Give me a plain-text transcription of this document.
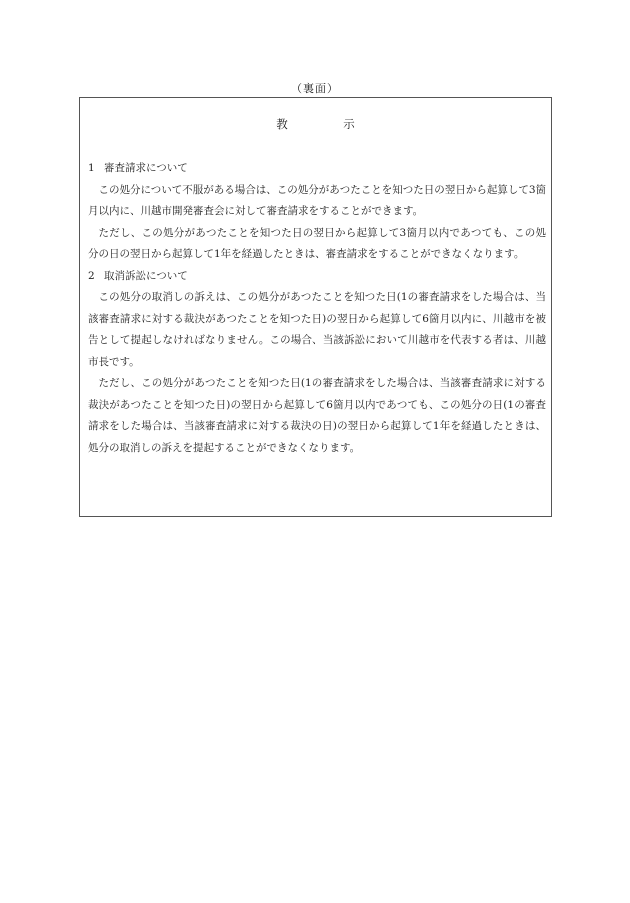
（裏面）
教　示

1 審査請求について

この処分について不服がある場合は、この処分があつたことを知つた日の翌日から起算して3箇月以内に、川越市開発審査会に対して審査請求をすることができます。

ただし、この処分があつたことを知つた日の翌日から起算して3箇月以内であつても、この処分の日の翌日から起算して1年を経過したときは、審査請求をすることができなくなります。

2 取消訴訟について

この処分の取消しの訴えは、この処分があつたことを知つた日(1の審査請求をした場合は、当該審査請求に対する裁決があつたことを知つた日)の翌日から起算して6箇月以内に、川越市を被告として提起しなければなりません。この場合、当該訴訟において川越市を代表する者は、川越市長です。

ただし、この処分があつたことを知つた日(1の審査請求をした場合は、当該審査請求に対する裁決があつたことを知つた日)の翌日から起算して6箇月以内であつても、この処分の日(1の審査請求をした場合は、当該審査請求に対する裁決の日)の翌日から起算して1年を経過したときは、処分の取消しの訴えを提起することができなくなります。
